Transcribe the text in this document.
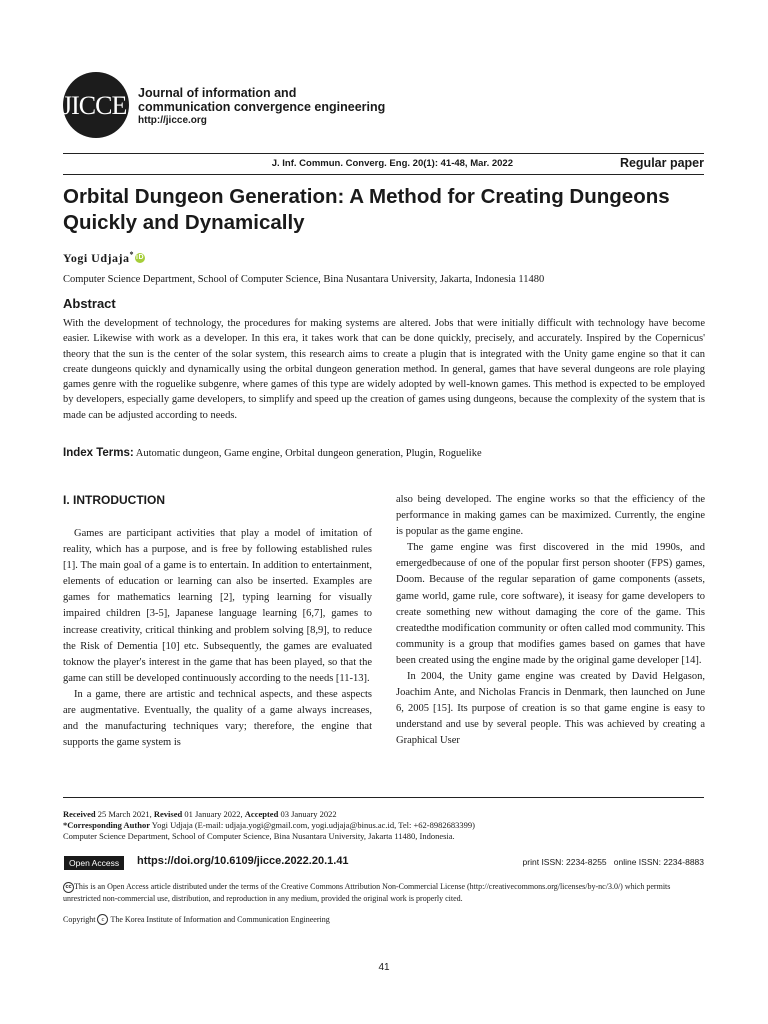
JICCE Journal of information and
communication convergence engineering
http://jicce.org
J. Inf. Commun. Converg. Eng. 20(1): 41-48, Mar. 2022	Regular paper
Orbital Dungeon Generation: A Method for Creating Dungeons Quickly and Dynamically
Yogi Udjaja* iD
Computer Science Department, School of Computer Science, Bina Nusantara University, Jakarta, Indonesia 11480
Abstract
With the development of technology, the procedures for making systems are altered. Jobs that were initially difficult with technology have become easier. Likewise with work as a developer. In this era, it takes work that can be done quickly, precisely, and accurately. Inspired by the Copernicus' theory that the sun is the center of the solar system, this research aims to create a plugin that is integrated with the Unity game engine so that it can create dungeons quickly and dynamically using the orbital dungeon generation method. In general, games that have several dungeons are role playing games genre with the roguelike subgenre, where games of this type are widely adopted by well-known games. This method is expected to be employed by developers, especially game developers, to simplify and speed up the creation of games using dungeons, because the complexity of the system that is made can be adjusted according to needs.
Index Terms: Automatic dungeon, Game engine, Orbital dungeon generation, Plugin, Roguelike
I. INTRODUCTION

Games are participant activities that play a model of imitation of reality, which has a purpose, and is free by following established rules [1]. The main goal of a game is to entertain. In addition to entertainment, elements of education or learning can also be inserted. Examples are games for mathematics learning [2], typing learning for visually impaired children [3-5], Japanese language learning [6,7], games to increase creativity, critical thinking and problem solving [8,9], to reduce the Risk of Dementia [10] etc. Subsequently, the games are evaluated toknow the player's interest in the game that has been played, so that the game can still be developed continuously according to the needs [11-13].

In a game, there are artistic and technical aspects, and these aspects are augmentative. Eventually, the quality of a game always increases, and the manufacturing techniques vary; therefore, the engine that supports the game system is

also being developed. The engine works so that the efficiency of the performance in making games can be maximized. Currently, the engine is popular as the game engine.

The game engine was first discovered in the mid 1990s, and emergedbecause of one of the popular first person shooter (FPS) games, Doom. Because of the regular separation of game components (assets, game world, game rule, core software), it iseasy for game developers to create something new without damaging the core of the game. This createdthe modification community or often called mod community. This community is a group that modifies games based on games that have been created using the engine made by the original game developer [14].

In 2004, the Unity game engine was created by David Helgason, Joachim Ante, and Nicholas Francis in Denmark, then launched on June 6, 2005 [15]. Its purpose of creation is so that game engine is easy to understand and use by several people. This was achieved by creating a Graphical User

Received 25 March 2021, Revised 01 January 2022, Accepted 03 January 2022
*Corresponding Author Yogi Udjaja (E-mail: udjaja.yogi@gmail.com, yogi.udjaja@binus.ac.id, Tel: +62-8982683399)
Computer Science Department, School of Computer Science, Bina Nusantara University, Jakarta 11480, Indonesia.
Open Access	https://doi.org/10.6109/jicce.2022.20.1.41	print ISSN: 2234-8255   online ISSN: 2234-8883
cc This is an Open Access article distributed under the terms of the Creative Commons Attribution Non-Commercial License (http://creativecommons.org/licenses/by-nc/3.0/) which permits unrestricted non-commercial use, distribution, and reproduction in any medium, provided the original work is properly cited.
Copyright c The Korea Institute of Information and Communication Engineering
41
